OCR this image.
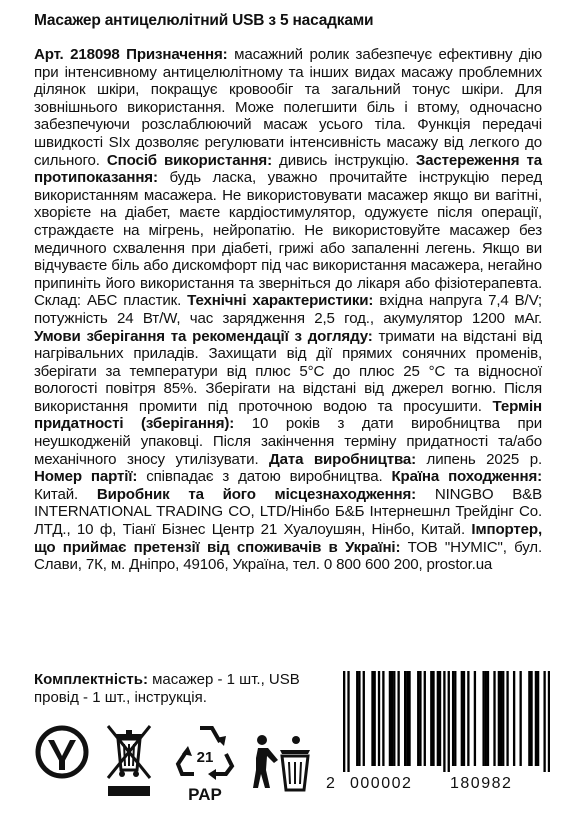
Масажер антицелюлітний USB з 5 насадками
Арт. 218098 Призначення: масажний ролик забезпечує ефективну дію при інтенсивному антицелюлітному та інших видах масажу проблемних ділянок шкіри, покращує кровообіг та загальний тонус шкіри. Для зовнішнього використання. Може полегшити біль і втому, одночасно забезпечуючи розслаблюючий масаж усього тіла. Функція передачі швидкості SIx дозволяє регулювати інтенсивність масажу від легкого до сильного. Спосіб використання: дивись інструкцію. Застереження та протипоказання: будь ласка, уважно прочитайте інструкцію перед використанням масажера. Не використовувати масажер якщо ви вагітні, хворієте на діабет, маєте кардіостимулятор, одужуєте після операції, страждаєте на мігрень, нейропатію. Не використовуйте масажер без медичного схвалення при діабеті, грижі або запаленні легень. Якщо ви відчуваєте біль або дискомфорт під час використання масажера, негайно припиніть його використання та зверніться до лікаря або фізіотерапевта. Склад: АБС пластик. Технічні характеристики: вхідна напруга 7,4 В/V; потужність 24 Вт/W, час зарядження 2,5 год., акумулятор 1200 мАг. Умови зберігання та рекомендації з догляду: тримати на відстані від нагрівальних приладів. Захищати від дії прямих сонячних променів, зберігати за температури від плюс 5°С до плюс 25 °С та відносної вологості повітря 85%. Зберігати на відстані від джерел вогню. Після використання промити під проточною водою та просушити. Термін придатності (зберігання): 10 років з дати виробництва при неушкодженій упаковці. Після закінчення терміну придатності та/або механічного зносу утилізувати. Дата виробництва: липень 2025 р. Номер партії: співпадає з датою виробництва. Країна походження: Китай. Виробник та його місцезнаходження: NINGBO B&B INTERNATIONAL TRADING CO, LTD/Нінбо Б&Б Інтернешнл Трейдінг Со. ЛТД., 10 ф, Тіанї Бізнес Центр 21 Хуалоушян, Нінбо, Китай. Імпортер, що приймає претензії від споживачів в Україні: ТОВ "НУМІС", бул. Слави, 7К, м. Дніпро, 49106, Україна, тел. 0 800 600 200, prostor.ua
Комплектність: масажер - 1 шт., USB провід - 1 шт., інструкція.
21
PAP
2 000002 180982
